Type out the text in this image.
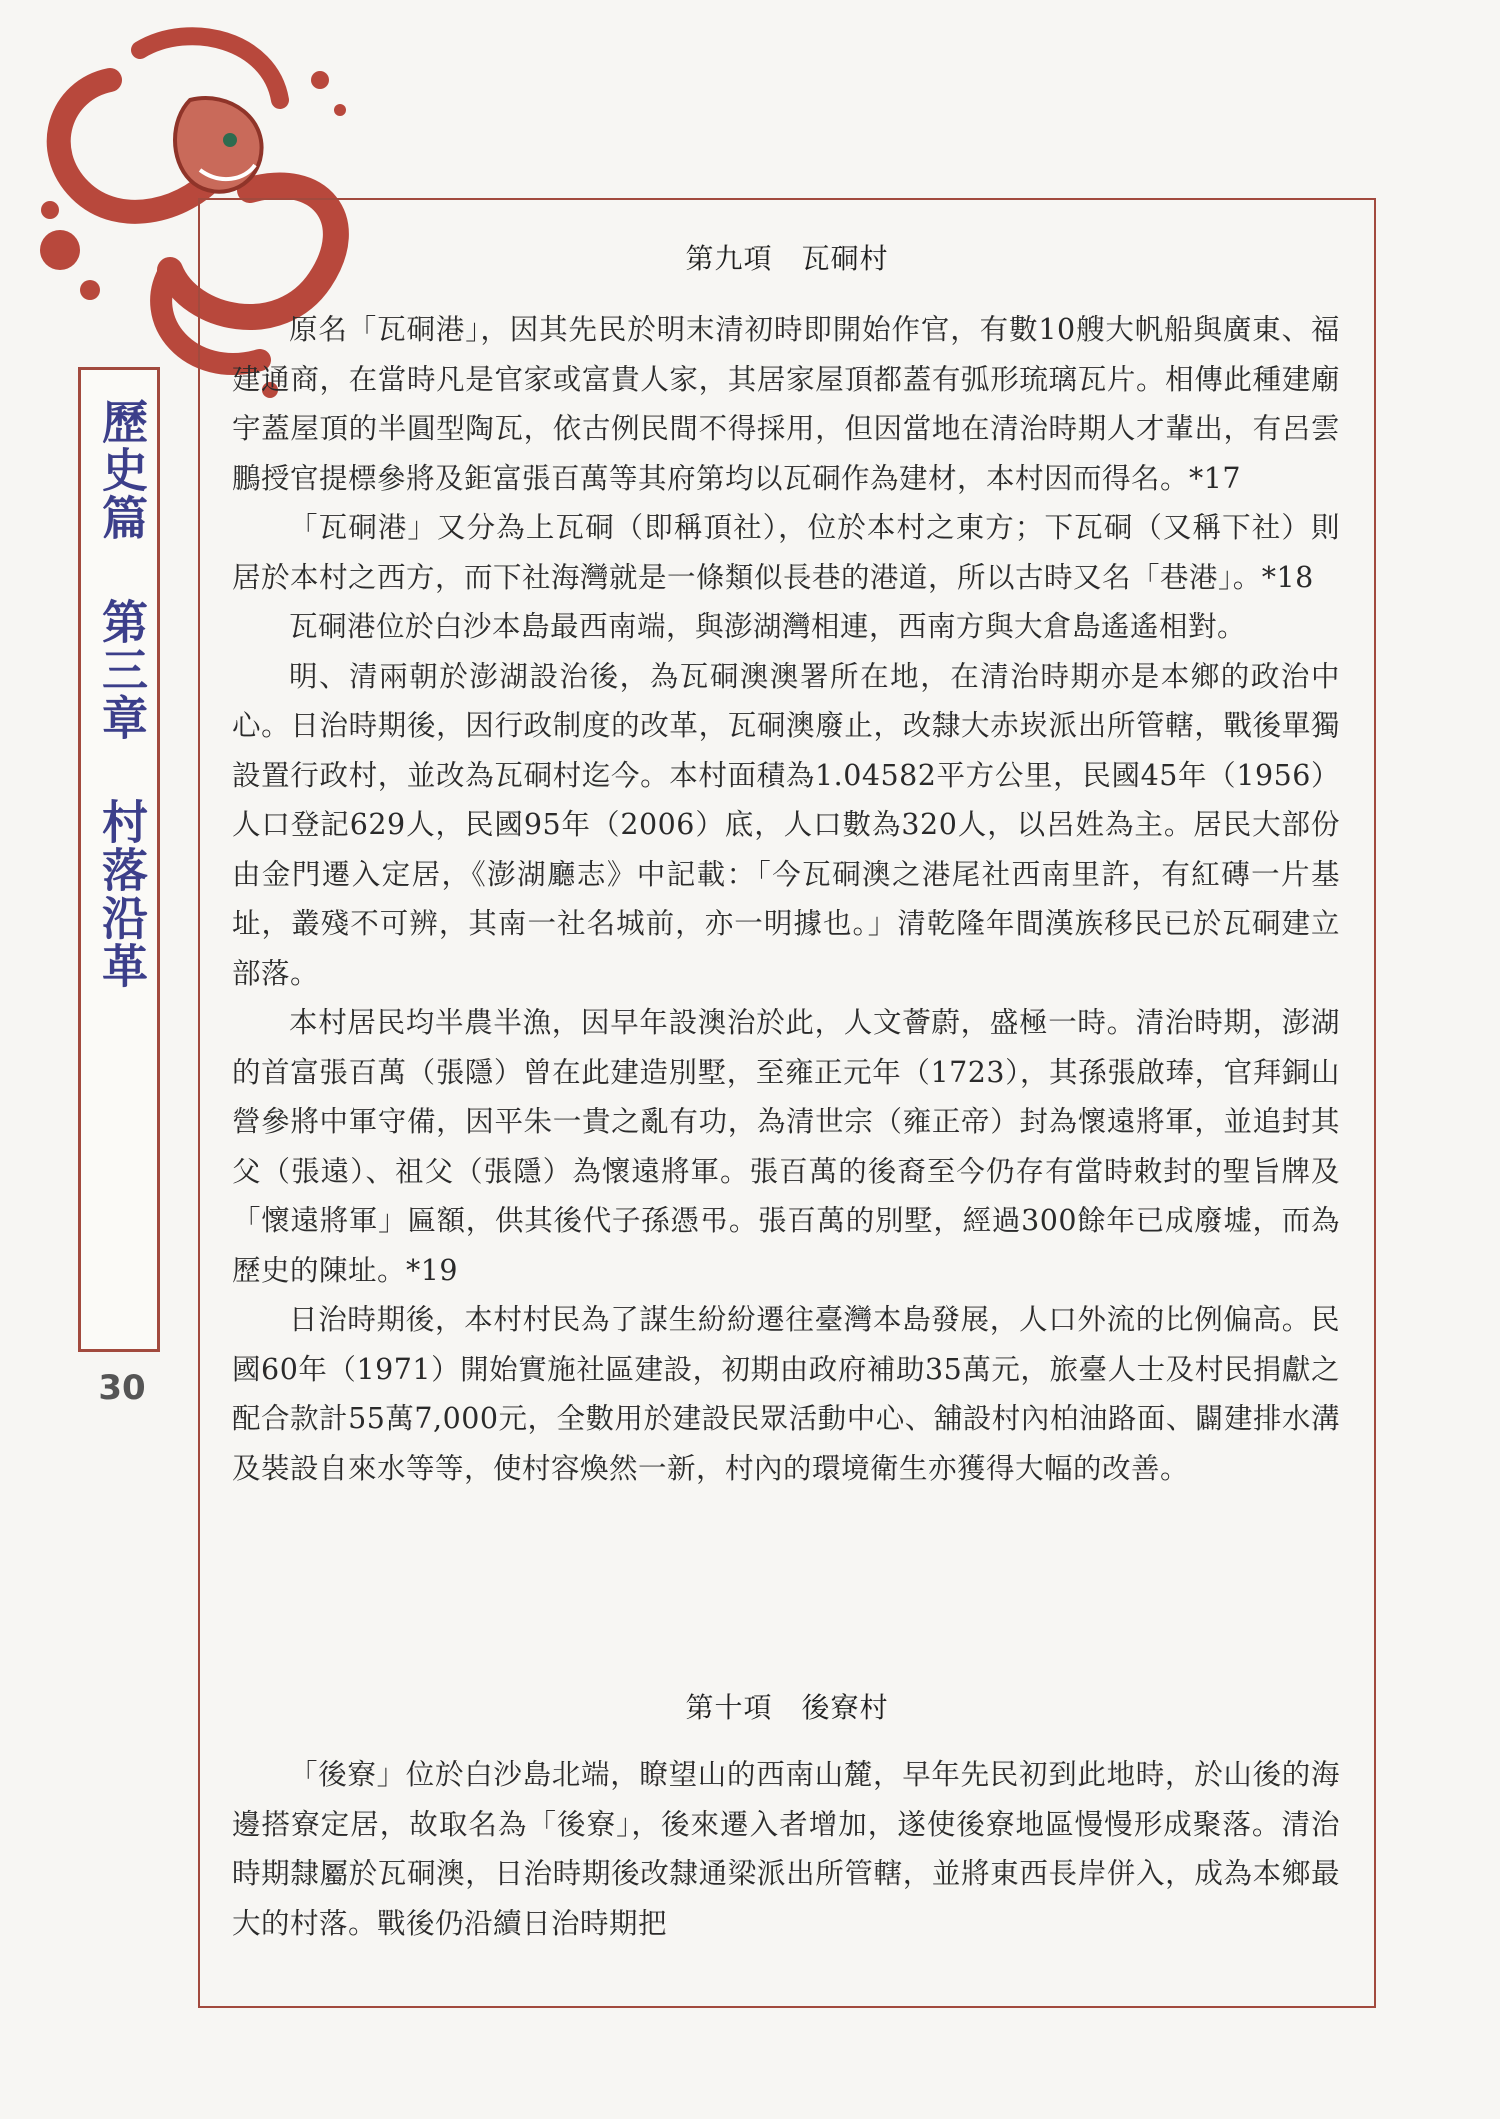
歷史篇 第三章 村落沿革
30
第九項　瓦硐村

原名「瓦硐港」，因其先民於明末清初時即開始作官，有數10艘大帆船與廣東、福建通商，在當時凡是官家或富貴人家，其居家屋頂都蓋有弧形琉璃瓦片。相傳此種建廟宇蓋屋頂的半圓型陶瓦，依古例民間不得採用，但因當地在清治時期人才輩出，有呂雲鵬授官提標參將及鉅富張百萬等其府第均以瓦硐作為建材，本村因而得名。*17

「瓦硐港」又分為上瓦硐（即稱頂社），位於本村之東方；下瓦硐（又稱下社）則居於本村之西方，而下社海灣就是一條類似長巷的港道，所以古時又名「巷港」。*18

瓦硐港位於白沙本島最西南端，與澎湖灣相連，西南方與大倉島遙遙相對。

明、清兩朝於澎湖設治後，為瓦硐澳澳署所在地，在清治時期亦是本鄉的政治中心。日治時期後，因行政制度的改革，瓦硐澳廢止，改隸大赤崁派出所管轄，戰後單獨設置行政村，並改為瓦硐村迄今。本村面積為1.04582平方公里，民國45年（1956）人口登記629人，民國95年（2006）底，人口數為320人，以呂姓為主。居民大部份由金門遷入定居，《澎湖廳志》中記載：「今瓦硐澳之港尾社西南里許，有紅磚一片基址，叢殘不可辨，其南一社名城前，亦一明據也。」清乾隆年間漢族移民已於瓦硐建立部落。

本村居民均半農半漁，因早年設澳治於此，人文薈蔚，盛極一時。清治時期，澎湖的首富張百萬（張隱）曾在此建造別墅，至雍正元年（1723），其孫張啟琫，官拜銅山營參將中軍守備，因平朱一貴之亂有功，為清世宗（雍正帝）封為懷遠將軍，並追封其父（張遠）、祖父（張隱）為懷遠將軍。張百萬的後裔至今仍存有當時敕封的聖旨牌及「懷遠將軍」匾額，供其後代子孫憑弔。張百萬的別墅，經過300餘年已成廢墟，而為歷史的陳址。*19

日治時期後，本村村民為了謀生紛紛遷往臺灣本島發展，人口外流的比例偏高。民國60年（1971）開始實施社區建設，初期由政府補助35萬元，旅臺人士及村民捐獻之配合款計55萬7,000元，全數用於建設民眾活動中心、舖設村內柏油路面、闢建排水溝及裝設自來水等等，使村容煥然一新，村內的環境衛生亦獲得大幅的改善。

第十項　後寮村

「後寮」位於白沙島北端，瞭望山的西南山麓，早年先民初到此地時，於山後的海邊搭寮定居，故取名為「後寮」，後來遷入者增加，遂使後寮地區慢慢形成聚落。清治時期隸屬於瓦硐澳，日治時期後改隸通梁派出所管轄，並將東西長岸併入，成為本鄉最大的村落。戰後仍沿續日治時期把
